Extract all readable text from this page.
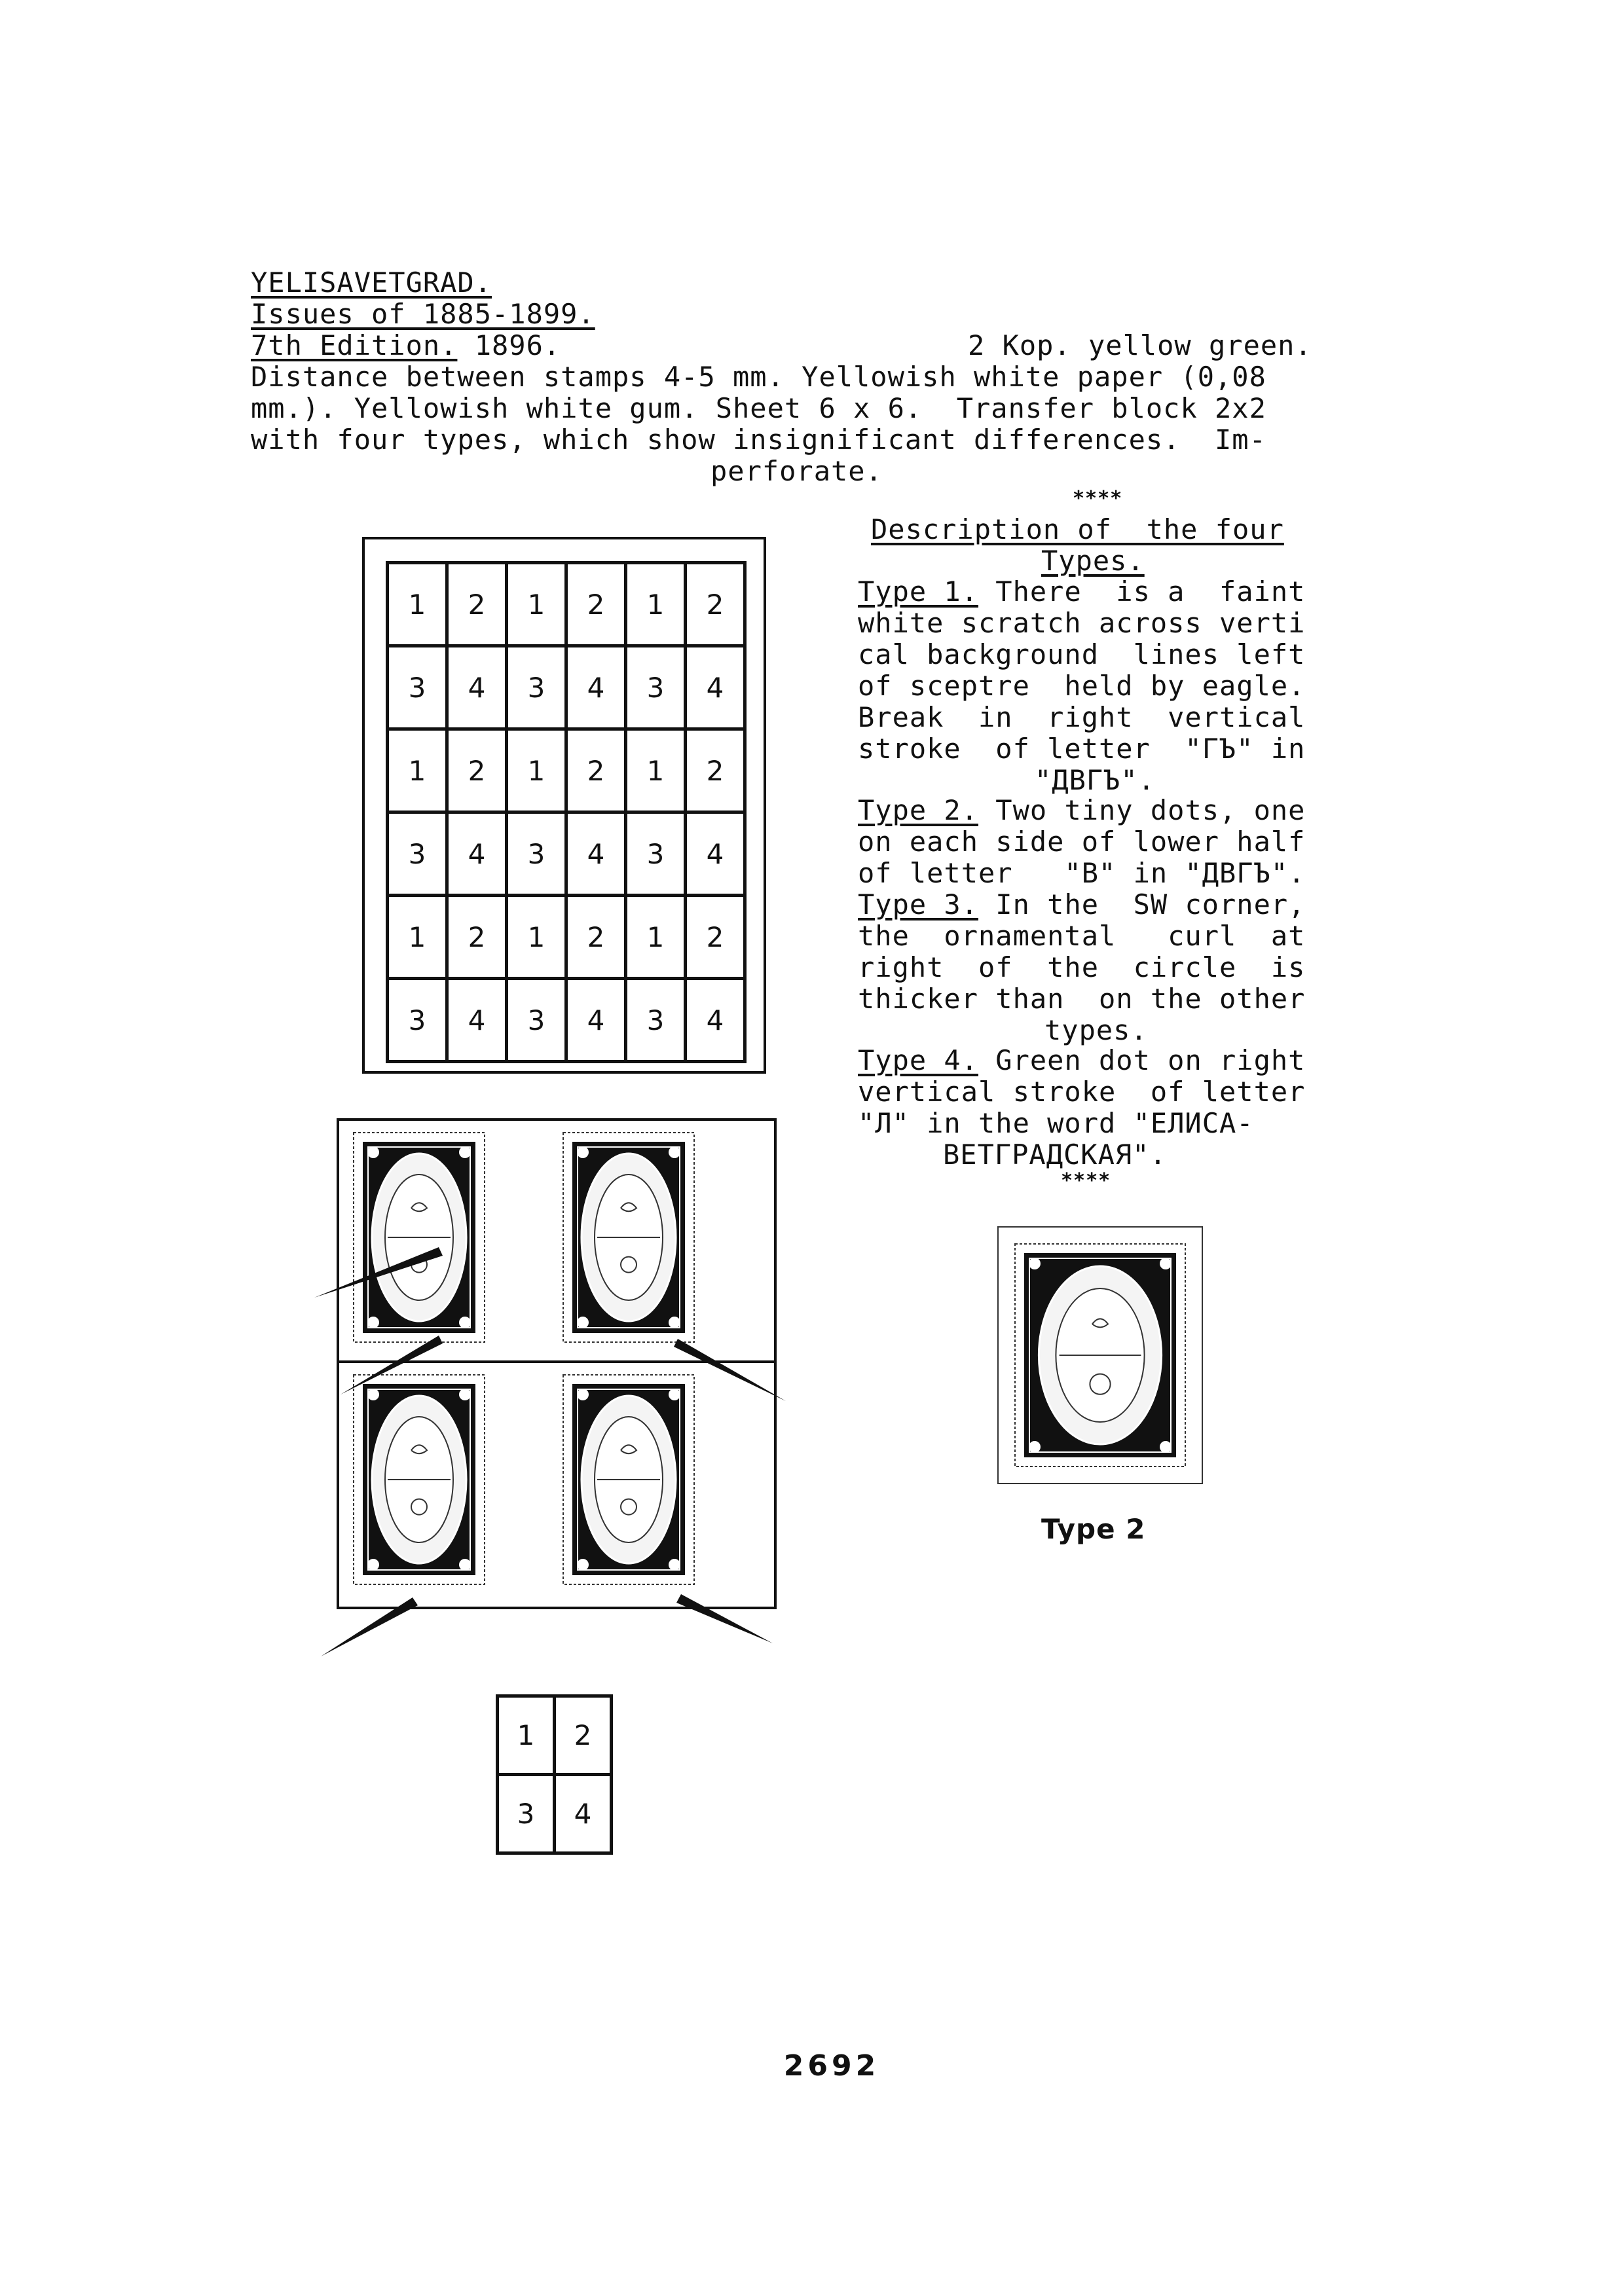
YELISAVETGRAD.
Issues of 1885-1899.
7th Edition. 1896.	2 Kop. yellow green.
Distance between stamps 4-5 mm. Yellowish white paper (0,08
mm.). Yellowish white gum. Sheet 6 x 6.  Transfer block 2x2
with four types, which show insignificant differences.  Im-
perforate.
****
Description of  the four
Types.
Type 1. There  is a  faint
white scratch across verti
cal background  lines left
of sceptre  held by eagle.
Break  in  right  vertical
stroke  of letter  "ГЪ" in
"ДВГЪ".
Type 2. Two tiny dots, one
on each side of lower half
of letter   "В" in "ДВГЪ".
Type 3. In the  SW corner,
the  ornamental   curl  at
right  of  the  circle  is
thicker than  on the other
types.
Type 4. Green dot on right
vertical stroke  of letter
"Л" in the word "ЕЛИСА-
ВЕТГРАДСКАЯ".
****
1	2	1	2	1	2
3	4	3	4	3	4
1	2	1	2	1	2
3	4	3	4	3	4
1	2	1	2	1	2
3	4	3	4	3	4
1	2
3	4
Type 2
2692
